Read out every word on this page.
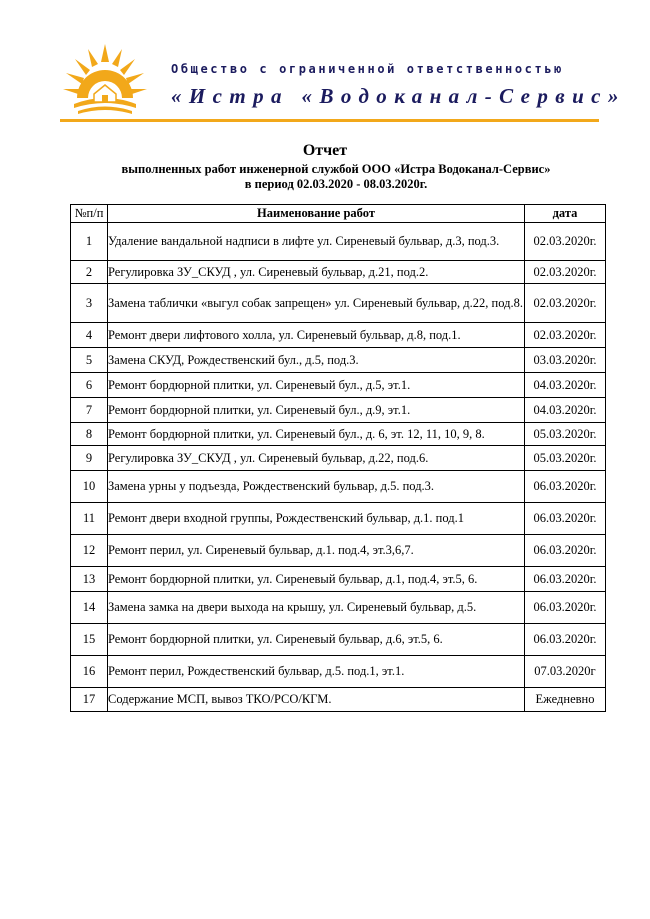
Общество с ограниченной ответственностью
«Истра «Водоканал-Сервис»
Отчет
выполненных работ инженерной службой ООО «Истра Водоканал-Сервис»
в период 02.03.2020 - 08.03.2020г.
№п/п	Наименование работ	дата
1	Удаление вандальной надписи в лифте ул. Сиреневый бульвар, д.3, под.3.	02.03.2020г.
2	Регулировка ЗУ_СКУД , ул. Сиреневый бульвар, д.21, под.2.	02.03.2020г.
3	Замена таблички «выгул собак запрещен» ул. Сиреневый бульвар, д.22, под.8.	02.03.2020г.
4	Ремонт двери лифтового холла, ул. Сиреневый бульвар, д.8, под.1.	02.03.2020г.
5	Замена СКУД, Рождественский бул., д.5, под.3.	03.03.2020г.
6	Ремонт бордюрной плитки, ул. Сиреневый бул., д.5, эт.1.	04.03.2020г.
7	Ремонт бордюрной плитки, ул. Сиреневый бул., д.9, эт.1.	04.03.2020г.
8	Ремонт бордюрной плитки, ул. Сиреневый бул., д. 6, эт. 12, 11, 10, 9, 8.	05.03.2020г.
9	Регулировка ЗУ_СКУД , ул. Сиреневый бульвар, д.22, под.6.	05.03.2020г.
10	Замена урны у подъезда, Рождественский бульвар, д.5. под.3.	06.03.2020г.
11	Ремонт двери входной группы, Рождественский бульвар, д.1. под.1	06.03.2020г.
12	Ремонт перил, ул. Сиреневый бульвар, д.1. под.4, эт.3,6,7.	06.03.2020г.
13	Ремонт бордюрной плитки, ул. Сиреневый бульвар, д.1, под.4, эт.5, 6.	06.03.2020г.
14	Замена замка на двери выхода на крышу, ул. Сиреневый бульвар, д.5.	06.03.2020г.
15	Ремонт бордюрной плитки, ул. Сиреневый бульвар, д.6, эт.5, 6.	06.03.2020г.
16	Ремонт перил, Рождественский бульвар, д.5. под.1, эт.1.	07.03.2020г
17	Содержание МСП, вывоз ТКО/РСО/КГМ.	Ежедневно
